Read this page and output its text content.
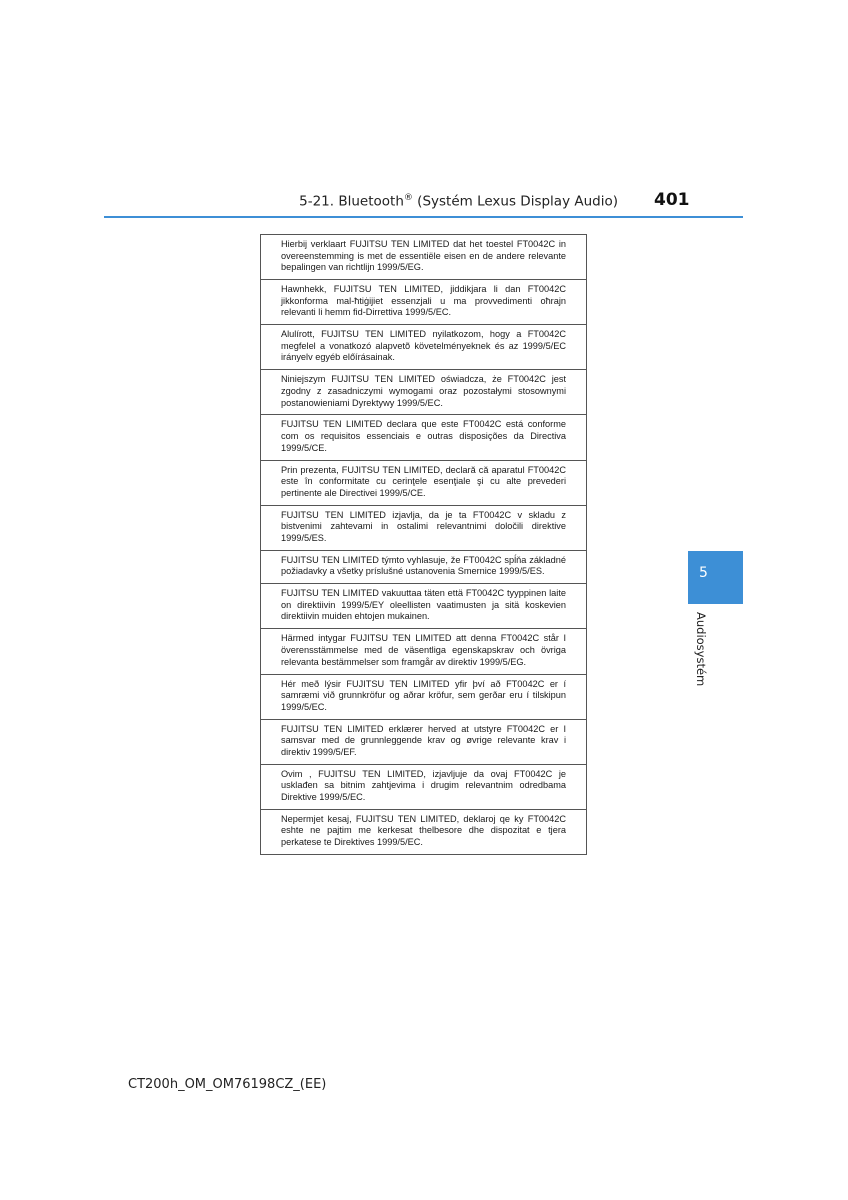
5-21. Bluetooth® (Systém Lexus Display Audio) 401
5
Audiosystém
Hierbij verklaart FUJITSU TEN LIMITED dat het toestel FT0042C in overeenstemming is met de essentiële eisen en de andere relevante bepalingen van richtlijn 1999/5/EG.
Hawnhekk, FUJITSU TEN LIMITED, jiddikjara li dan FT0042C jikkonforma mal-ħtiġijiet essenzjali u ma provvedimenti oħrajn relevanti li hemm fid-Dirrettiva 1999/5/EC.
Alulírott, FUJITSU TEN LIMITED nyilatkozom, hogy a FT0042C megfelel a vonatkozó alapvetõ követelményeknek és az 1999/5/EC irányelv egyéb előírásainak.
Niniejszym FUJITSU TEN LIMITED oświadcza, że FT0042C jest zgodny z zasadniczymi wymogami oraz pozostałymi stosownymi postanowieniami Dyrektywy 1999/5/EC.
FUJITSU TEN LIMITED declara que este FT0042C está conforme com os requisitos essenciais e outras disposições da Directiva 1999/5/CE.
Prin prezenta, FUJITSU TEN LIMITED, declară că aparatul FT0042C este în conformitate cu cerinţele esenţiale şi cu alte prevederi pertinente ale Directivei 1999/5/CE.
FUJITSU TEN LIMITED izjavlja, da je ta FT0042C v skladu z bistvenimi zahtevami in ostalimi relevantnimi določili direktive 1999/5/ES.
FUJITSU TEN LIMITED týmto vyhlasuje, že FT0042C spĺňa základné požiadavky a všetky príslušné ustanovenia Smernice 1999/5/ES.
FUJITSU TEN LIMITED vakuuttaa täten että FT0042C tyyppinen laite on direktiivin 1999/5/EY oleellisten vaatimusten ja sitä koskevien direktiivin muiden ehtojen mukainen.
Härmed intygar FUJITSU TEN LIMITED att denna FT0042C står I överensstämmelse med de väsentliga egenskapskrav och övriga relevanta bestämmelser som framgår av direktiv 1999/5/EG.
Hér með lýsir FUJITSU TEN LIMITED yfir því að FT0042C er í samræmi við grunnkröfur og aðrar kröfur, sem gerðar eru í tilskipun 1999/5/EC.
FUJITSU TEN LIMITED erklærer herved at utstyre FT0042C er I samsvar med de grunnleggende krav og øvrige relevante krav i direktiv 1999/5/EF.
Ovim , FUJITSU TEN LIMITED, izjavljuje da ovaj FT0042C je usklađen sa bitnim zahtjevima i drugim relevantnim odredbama Direktive 1999/5/EC.
Nepermjet kesaj, FUJITSU TEN LIMITED, deklaroj qe ky FT0042C eshte ne pajtim me kerkesat thelbesore dhe dispozitat e tjera perkatese te Direktives 1999/5/EC.
CT200h_OM_OM76198CZ_(EE)
